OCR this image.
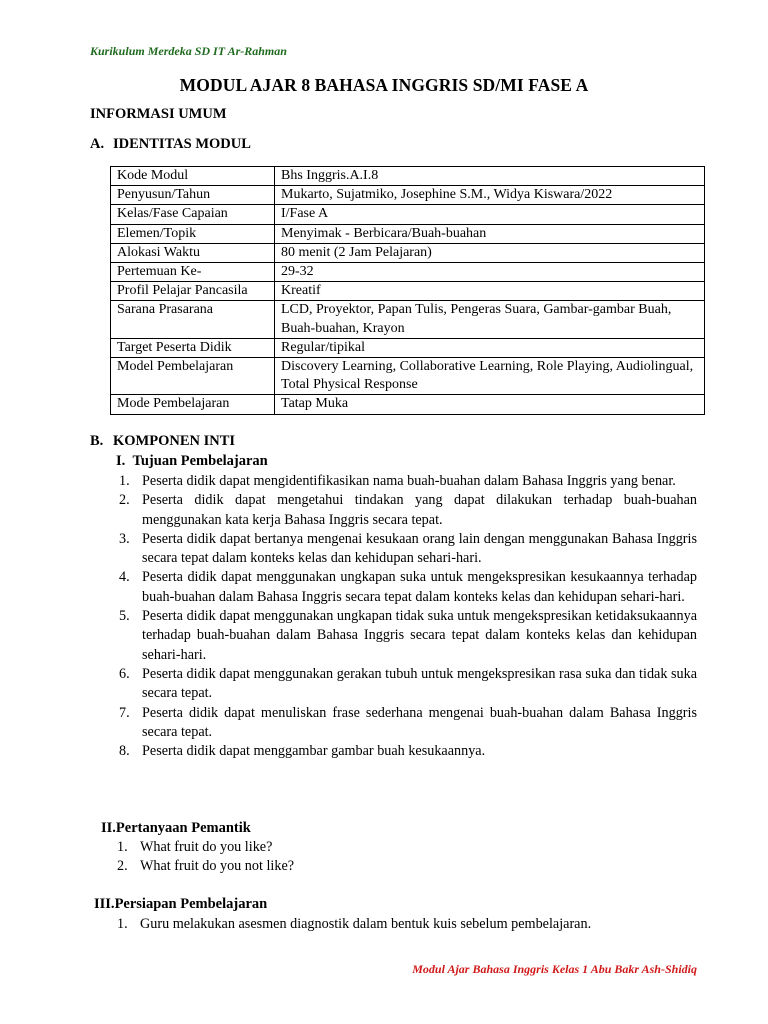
Kurikulum Merdeka SD IT Ar-Rahman
MODUL AJAR 8 BAHASA INGGRIS SD/MI FASE A
INFORMASI UMUM
A. IDENTITAS MODUL
Kode Modul	Bhs Inggris.A.I.8
Penyusun/Tahun	Mukarto, Sujatmiko, Josephine S.M., Widya Kiswara/2022
Kelas/Fase Capaian	I/Fase A
Elemen/Topik	Menyimak - Berbicara/Buah-buahan
Alokasi Waktu	80 menit (2 Jam Pelajaran)
Pertemuan Ke-	29-32
Profil Pelajar Pancasila	Kreatif
Sarana Prasarana	LCD, Proyektor, Papan Tulis, Pengeras Suara, Gambar-gambar Buah, Buah-buahan, Krayon
Target Peserta Didik	Regular/tipikal
Model Pembelajaran	Discovery Learning, Collaborative Learning, Role Playing, Audiolingual, Total Physical Response
Mode Pembelajaran	Tatap Muka
B. KOMPONEN INTI
I. Tujuan Pembelajaran
1. Peserta didik dapat mengidentifikasikan nama buah-buahan dalam Bahasa Inggris yang benar.
2. Peserta didik dapat mengetahui tindakan yang dapat dilakukan terhadap buah-buahan menggunakan kata kerja Bahasa Inggris secara tepat.
3. Peserta didik dapat bertanya mengenai kesukaan orang lain dengan menggunakan Bahasa Inggris secara tepat dalam konteks kelas dan kehidupan sehari-hari.
4. Peserta didik dapat menggunakan ungkapan suka untuk mengekspresikan kesukaannya terhadap buah-buahan dalam Bahasa Inggris secara tepat dalam konteks kelas dan kehidupan sehari-hari.
5. Peserta didik dapat menggunakan ungkapan tidak suka untuk mengekspresikan ketidaksukaannya terhadap buah-buahan dalam Bahasa Inggris secara tepat dalam konteks kelas dan kehidupan sehari-hari.
6. Peserta didik dapat menggunakan gerakan tubuh untuk mengekspresikan rasa suka dan tidak suka secara tepat.
7. Peserta didik dapat menuliskan frase sederhana mengenai buah-buahan dalam Bahasa Inggris secara tepat.
8. Peserta didik dapat menggambar gambar buah kesukaannya.
II.Pertanyaan Pemantik
1. What fruit do you like?
2. What fruit do you not like?
III.Persiapan Pembelajaran
1. Guru melakukan asesmen diagnostik dalam bentuk kuis sebelum pembelajaran.
Modul Ajar Bahasa Inggris Kelas 1 Abu Bakr Ash-Shidiq
